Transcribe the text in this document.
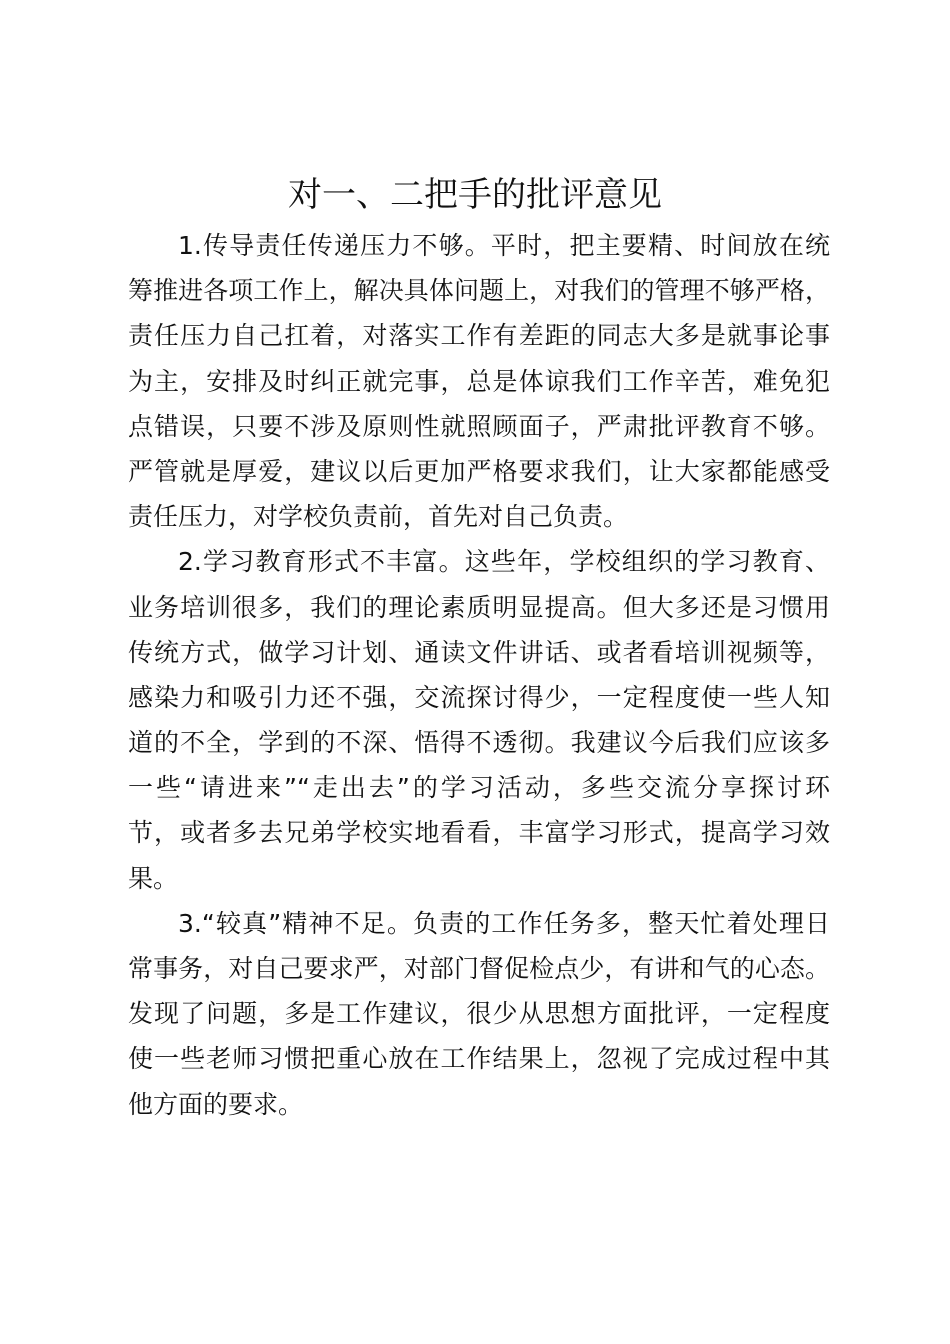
对一、二把手的批评意见
1.传导责任传递压力不够。平时，把主要精、时间放在统
筹推进各项工作上，解决具体问题上，对我们的管理不够严格，
责任压力自己扛着，对落实工作有差距的同志大多是就事论事
为主，安排及时纠正就完事，总是体谅我们工作辛苦，难免犯
点错误，只要不涉及原则性就照顾面子，严肃批评教育不够。
严管就是厚爱，建议以后更加严格要求我们，让大家都能感受
责任压力，对学校负责前，首先对自己负责。
2.学习教育形式不丰富。这些年，学校组织的学习教育、
业务培训很多，我们的理论素质明显提高。但大多还是习惯用
传统方式，做学习计划、通读文件讲话、或者看培训视频等，
感染力和吸引力还不强，交流探讨得少，一定程度使一些人知
道的不全，学到的不深、悟得不透彻。我建议今后我们应该多
一些“请进来”“走出去”的学习活动，多些交流分享探讨环
节，或者多去兄弟学校实地看看，丰富学习形式，提高学习效
果。
3.“较真”精神不足。负责的工作任务多，整天忙着处理日
常事务，对自己要求严，对部门督促检点少，有讲和气的心态。
发现了问题，多是工作建议，很少从思想方面批评，一定程度
使一些老师习惯把重心放在工作结果上，忽视了完成过程中其
他方面的要求。
